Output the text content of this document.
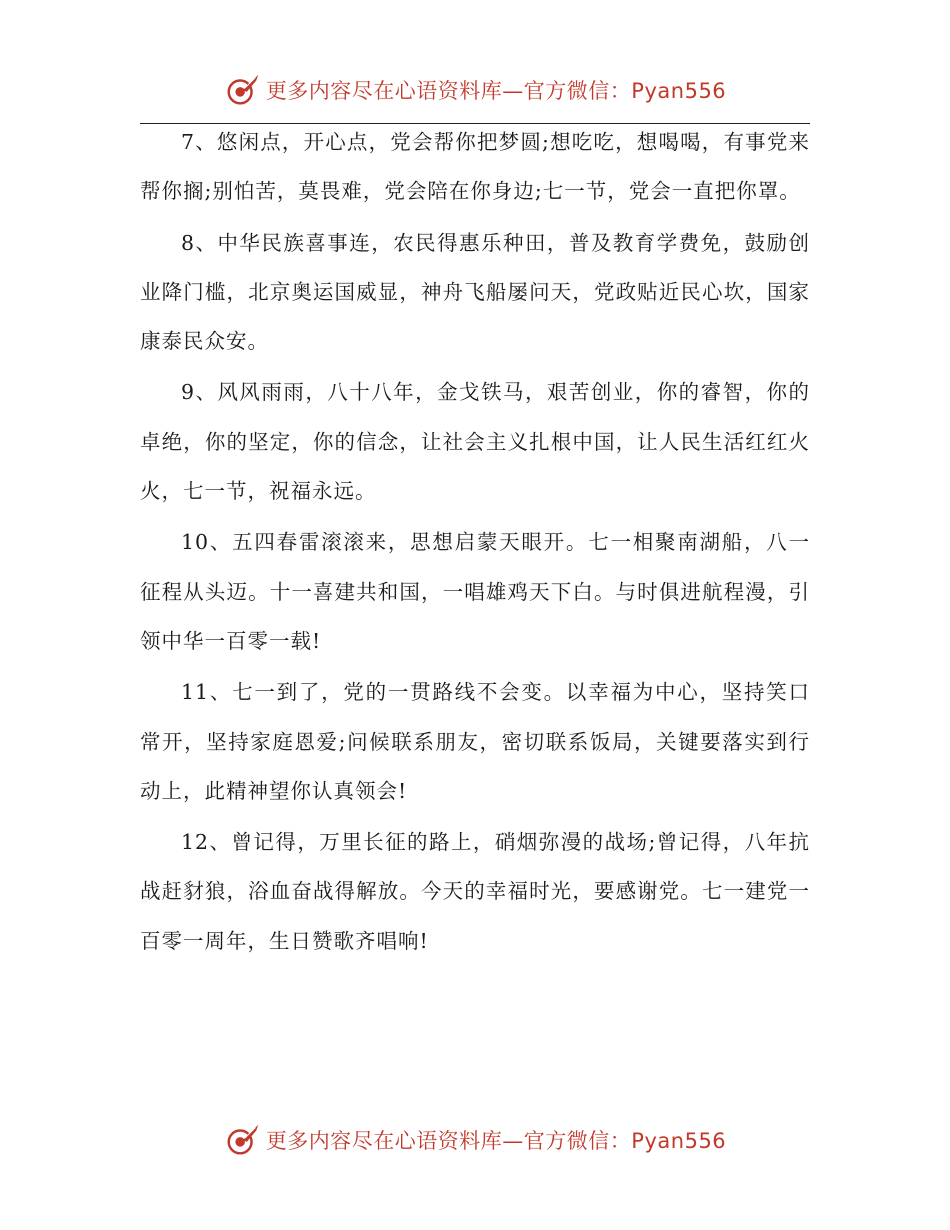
更多内容尽在心语资料库—官方微信：Pyan556

7、悠闲点，开心点，党会帮你把梦圆;想吃吃，想喝喝，有事党来帮你搁;别怕苦，莫畏难，党会陪在你身边;七一节，党会一直把你罩。

8、中华民族喜事连，农民得惠乐种田，普及教育学费免，鼓励创业降门槛，北京奥运国威显，神舟飞船屡问天，党政贴近民心坎，国家康泰民众安。

9、风风雨雨，八十八年，金戈铁马，艰苦创业，你的睿智，你的卓绝，你的坚定，你的信念，让社会主义扎根中国，让人民生活红红火火，七一节，祝福永远。

10、五四春雷滚滚来，思想启蒙天眼开。七一相聚南湖船，八一征程从头迈。十一喜建共和国，一唱雄鸡天下白。与时俱进航程漫，引领中华一百零一载!

11、七一到了，党的一贯路线不会变。以幸福为中心，坚持笑口常开，坚持家庭恩爱;问候联系朋友，密切联系饭局，关键要落实到行动上，此精神望你认真领会!

12、曾记得，万里长征的路上，硝烟弥漫的战场;曾记得，八年抗战赶豺狼，浴血奋战得解放。今天的幸福时光，要感谢党。七一建党一百零一周年，生日赞歌齐唱响!

更多内容尽在心语资料库—官方微信：Pyan556
